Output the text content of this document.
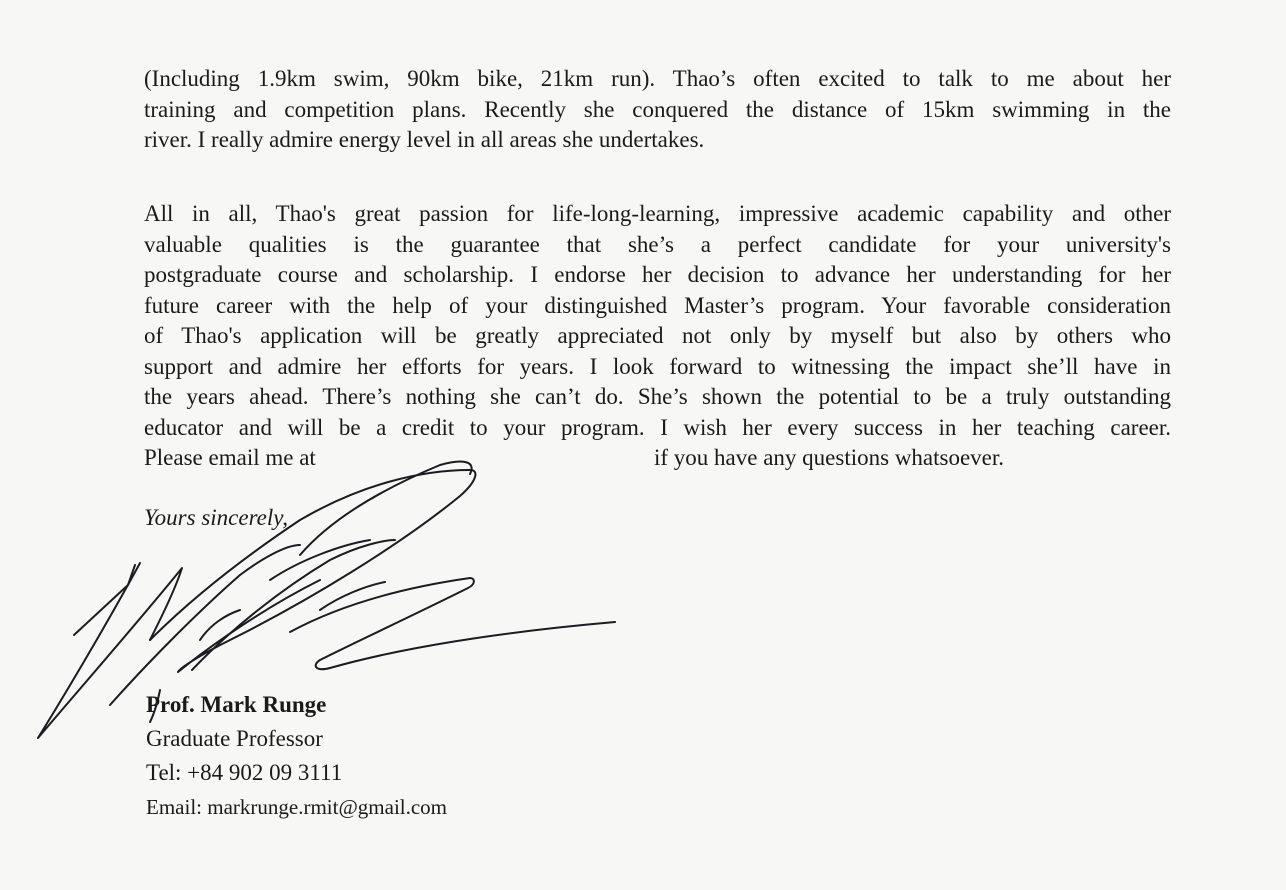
(Including 1.9km swim, 90km bike, 21km run). Thao’s often excited to talk to me about her
training and competition plans. Recently she conquered the distance of 15km swimming in the
river. I really admire energy level in all areas she undertakes.
All in all, Thao's great passion for life-long-learning, impressive academic capability and other
valuable qualities is the guarantee that she’s a perfect candidate for your university's
postgraduate course and scholarship. I endorse her decision to advance her understanding for her
future career with the help of your distinguished Master’s program. Your favorable consideration
of Thao's application will be greatly appreciated not only by myself but also by others who
support and admire her efforts for years. I look forward to witnessing the impact she’ll have in
the years ahead. There’s nothing she can’t do. She’s shown the potential to be a truly outstanding
educator and will be a credit to your program. I wish her every success in her teaching career.
Please email me at	if you have any questions whatsoever.

Yours sincerely,

Prof. Mark Runge
Graduate Professor
Tel: +84 902 09 3111
Email: markrunge.rmit@gmail.com
